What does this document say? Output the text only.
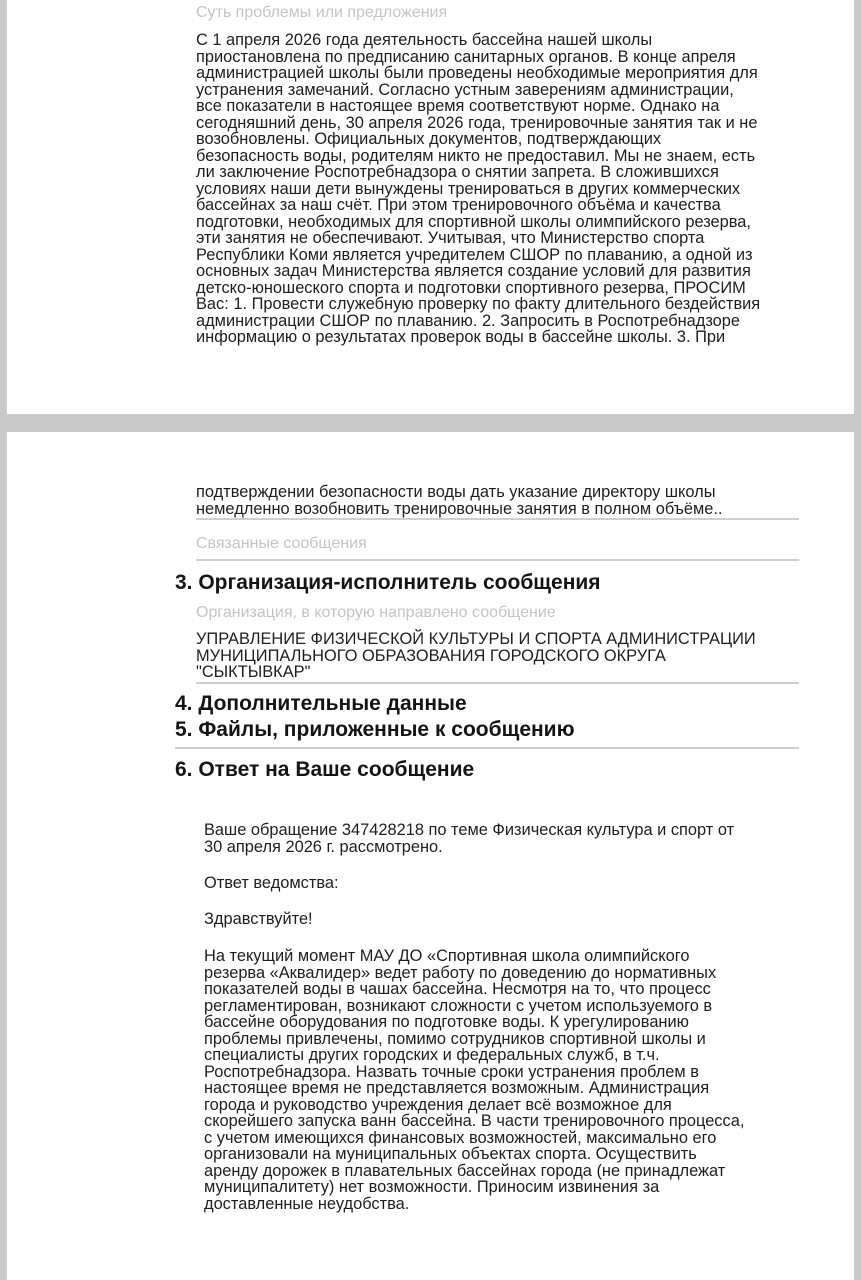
Суть проблемы или предложения
С 1 апреля 2026 года деятельность бассейна нашей школы
приостановлена по предписанию санитарных органов. В конце апреля
администрацией школы были проведены необходимые мероприятия для
устранения замечаний. Согласно устным заверениям администрации,
все показатели в настоящее время соответствуют норме. Однако на
сегодняшний день, 30 апреля 2026 года, тренировочные занятия так и не
возобновлены. Официальных документов, подтверждающих
безопасность воды, родителям никто не предоставил. Мы не знаем, есть
ли заключение Роспотребнадзора о снятии запрета. В сложившихся
условиях наши дети вынуждены тренироваться в других коммерческих
бассейнах за наш счёт. При этом тренировочного объёма и качества
подготовки, необходимых для спортивной школы олимпийского резерва,
эти занятия не обеспечивают. Учитывая, что Министерство спорта
Республики Коми является учредителем СШОР по плаванию, а одной из
основных задач Министерства является создание условий для развития
детско-юношеского спорта и подготовки спортивного резерва, ПРОСИМ
Вас: 1. Провести служебную проверку по факту длительного бездействия
администрации СШОР по плаванию. 2. Запросить в Роспотребнадзоре
информацию о результатах проверок воды в бассейне школы. 3. При
подтверждении безопасности воды дать указание директору школы
немедленно возобновить тренировочные занятия в полном объёме..
Связанные сообщения
3. Организация-исполнитель сообщения
Организация, в которую направлено сообщение
УПРАВЛЕНИЕ ФИЗИЧЕСКОЙ КУЛЬТУРЫ И СПОРТА АДМИНИСТРАЦИИ
МУНИЦИПАЛЬНОГО ОБРАЗОВАНИЯ ГОРОДСКОГО ОКРУГА
"СЫКТЫВКАР"
4. Дополнительные данные
5. Файлы, приложенные к сообщению
6. Ответ на Ваше сообщение
Ваше обращение 347428218 по теме Физическая культура и спорт от
30 апреля 2026 г. рассмотрено.
Ответ ведомства:
Здравствуйте!
На текущий момент МАУ ДО «Спортивная школа олимпийского
резерва «Аквалидер» ведет работу по доведению до нормативных
показателей воды в чашах бассейна. Несмотря на то, что процесс
регламентирован, возникают сложности с учетом используемого в
бассейне оборудования по подготовке воды. К урегулированию
проблемы привлечены, помимо сотрудников спортивной школы и
специалисты других городских и федеральных служб, в т.ч.
Роспотребнадзора. Назвать точные сроки устранения проблем в
настоящее время не представляется возможным. Администрация
города и руководство учреждения делает всё возможное для
скорейшего запуска ванн бассейна. В части тренировочного процесса,
с учетом имеющихся финансовых возможностей, максимально его
организовали на муниципальных объектах спорта. Осуществить
аренду дорожек в плавательных бассейнах города (не принадлежат
муниципалитету) нет возможности. Приносим извинения за
доставленные неудобства.
